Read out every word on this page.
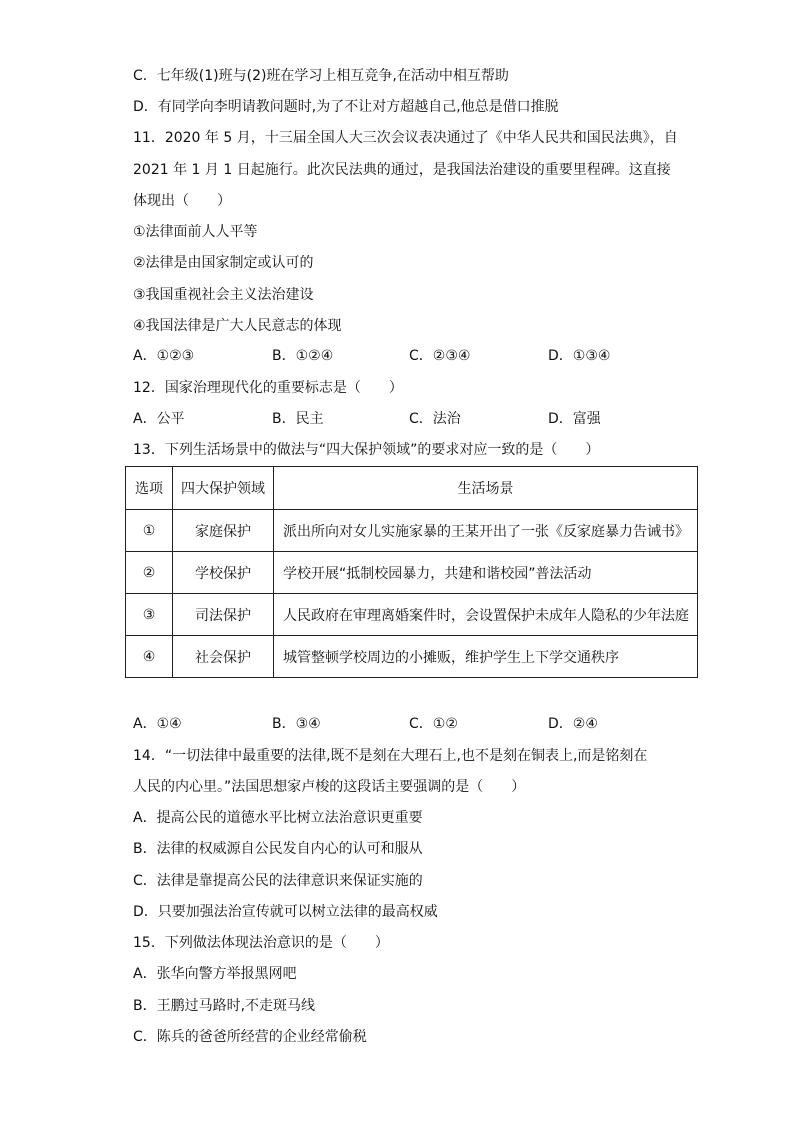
C．七年级(1)班与(2)班在学习上相互竞争,在活动中相互帮助
D．有同学向李明请教问题时,为了不让对方超越自己,他总是借口推脱
11．2020 年 5 月，十三届全国人大三次会议表决通过了《中华人民共和国民法典》，自
2021 年 1 月 1 日起施行。此次民法典的通过，是我国法治建设的重要里程碑。这直接
体现出（　　）
①法律面前人人平等
②法律是由国家制定或认可的
③我国重视社会主义法治建设
④我国法律是广大人民意志的体现
A．①②③	B．①②④	C．②③④	D．①③④
12．国家治理现代化的重要标志是（　　）
A．公平	B．民主	C．法治	D．富强
13．下列生活场景中的做法与“四大保护领域”的要求对应一致的是（　　）
选项	四大保护领域	生活场景
①	家庭保护	派出所向对女儿实施家暴的王某开出了一张《反家庭暴力告诫书》
②	学校保护	学校开展“抵制校园暴力，共建和谐校园”普法活动
③	司法保护	人民政府在审理离婚案件时，会设置保护未成年人隐私的少年法庭
④	社会保护	城管整顿学校周边的小摊贩，维护学生上下学交通秩序
A．①④	B．③④	C．①②	D．②④
14．“一切法律中最重要的法律,既不是刻在大理石上,也不是刻在铜表上,而是铭刻在
人民的内心里。”法国思想家卢梭的这段话主要强调的是（　　）
A．提高公民的道德水平比树立法治意识更重要
B．法律的权威源自公民发自内心的认可和服从
C．法律是靠提高公民的法律意识来保证实施的
D．只要加强法治宣传就可以树立法律的最高权威
15．下列做法体现法治意识的是（　　）
A．张华向警方举报黑网吧
B．王鹏过马路时,不走斑马线
C．陈兵的爸爸所经营的企业经常偷税
